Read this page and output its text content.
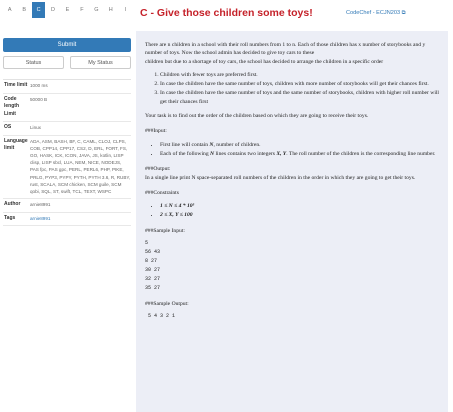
A	B	C	D	E	F	G	H	I	C - Give those children some toys!	CodeChef - ECJN203 ⧉
Submit
Status	My Status
Time limit 1000 ms
Code length Limit
50000 B
OS	Linux
Language limit
ADA, ASM, BASH, BF, C, CAML, CLOJ, CLPS, COB, CPP14, CPP17, CS2, D, ERL, FORT, FS, GO, HASK, ICK, ICON, JAVA, JS, kotlin, LISP clisp, LISP sbcl, LUA, NEM, NICE, NODEJS, PAS fpc, PAS gpc, PERL, PERL6, PHP, PIKE, PRLG, PYP3, PYPY, PYTH, PYTH 3.6, R, RUBY, rust, SCALA, SCM chicken, SCM guile, SCM qobi, SQL, ST, swift, TCL, TEXT, WSPC
Author	arnie8991
Tags	arnie8991

There are n children in a school with their roll numbers from 1 to n. Each of those children has x number of storybooks and y number of toys. Now the school admin has decided to give toy cars to these

children but due to a shortage of toy cars, the school has decided to arrange the children in a specific order

1. Children with fewer toys are preferred first.
2. In case the children have the same number of toys, children with more number of storybooks will get their chances first.
3. In case the children have the same number of toys and the same number of storybooks, children with higher roll number will get their chances first

Your task is to find out the order of the children based on which they are going to receive their toys.

###Input:

• First line will contain N, number of children.
• Each of the following N lines contains two integers X, Y. The roll number of the children is the corresponding line number.

###Output:

In a single line print N space-separated roll numbers of the children in the order in which they are going to get their toys.

###Constraints

• 1 ≤ N ≤ 4 * 10⁵
• 2 ≤ X, Y ≤ 100

###Sample Input:

5
56 43
8 27
30 27
32 27
35 27

###Sample Output:

5 4 3 2 1
